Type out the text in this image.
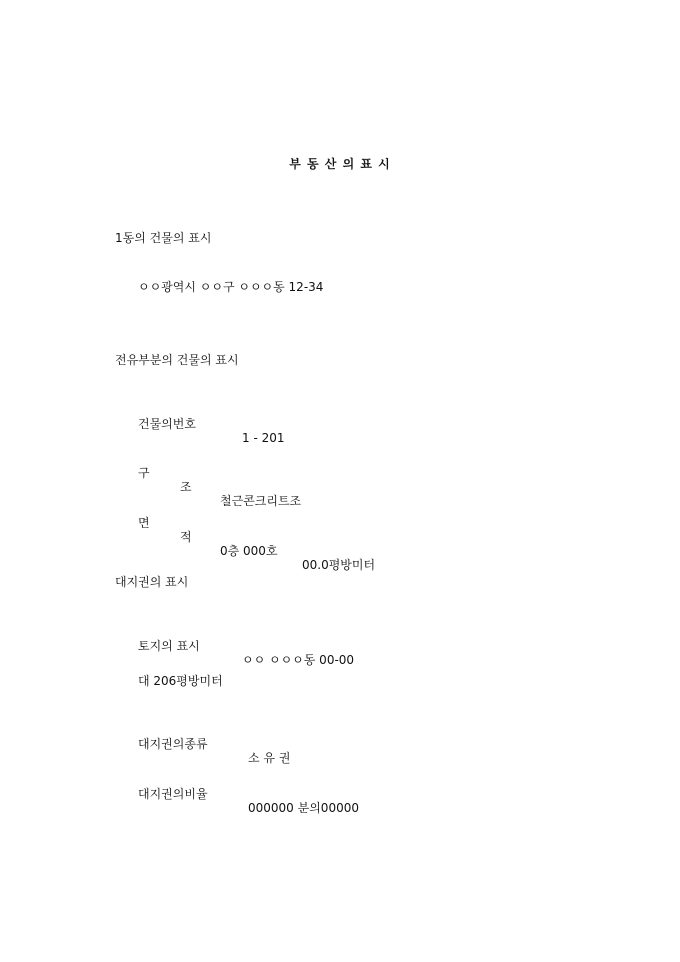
부 동 산 의 표 시
1동의 건물의 표시
ㅇㅇ광역시 ㅇㅇ구 ㅇㅇㅇ동 12-34
전유부분의 건물의 표시

건물의번호

1 - 201

구

조

철근콘크리트조

면

적

0층 000호

00.0평방미터

대지권의 표시

토지의 표시

ㅇㅇ ㅇㅇㅇ동 00-00

대 206평방미터

대지권의종류

소 유 권

대지권의비율

000000 분의00000
